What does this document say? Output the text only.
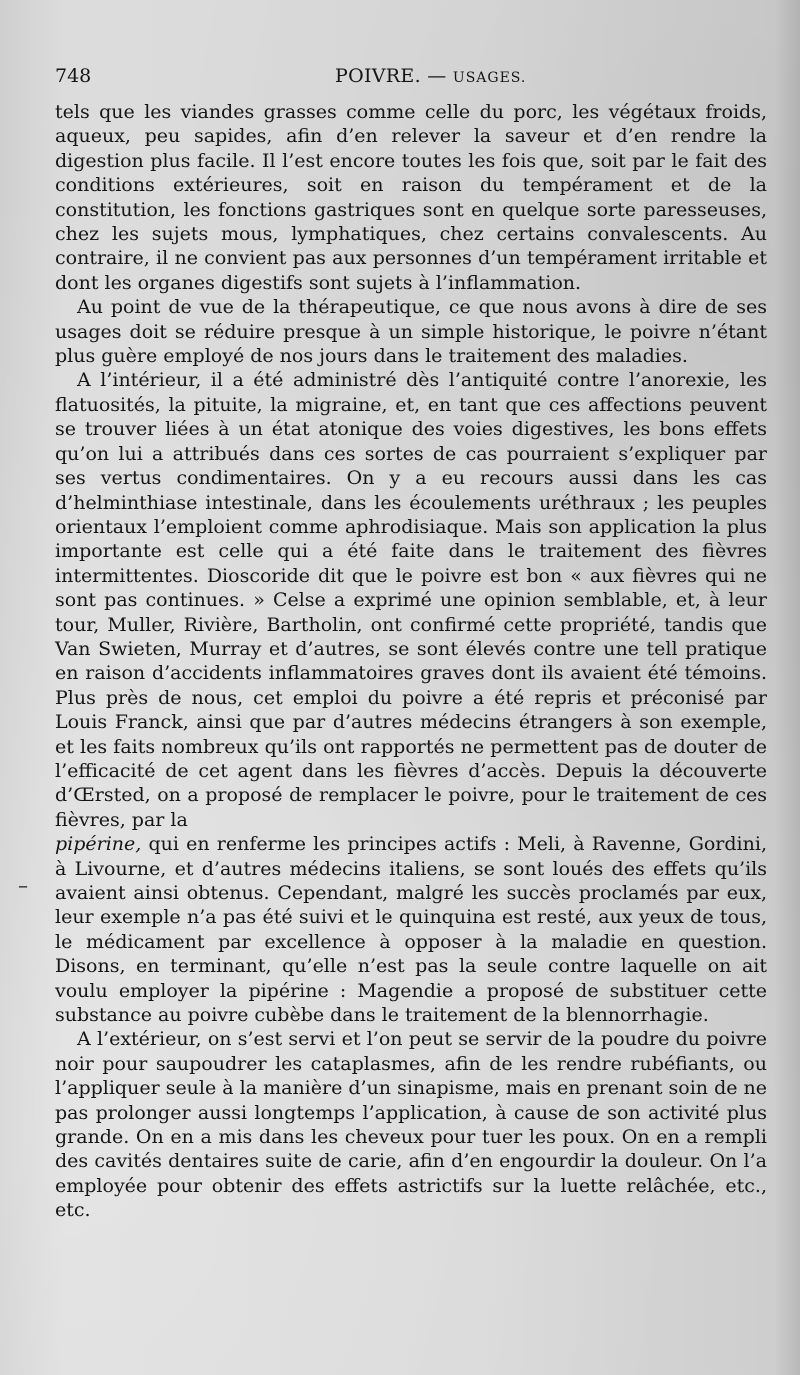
748	POIVRE. — USAGES.
–

tels que les viandes grasses comme celle du porc, les végétaux froids, aqueux, peu sapides, afin d’en relever la saveur et d’en rendre la digestion plus facile. Il l’est encore toutes les fois que, soit par le fait des conditions extérieures, soit en raison du tempérament et de la constitution, les fonctions gastriques sont en quelque sorte paresseuses, chez les sujets mous, lymphatiques, chez certains convalescents. Au contraire, il ne convient pas aux personnes d’un tempérament irritable et dont les organes digestifs sont sujets à l’inflammation.

Au point de vue de la thérapeutique, ce que nous avons à dire de ses usages doit se réduire presque à un simple historique, le poivre n’étant plus guère employé de nos jours dans le traitement des maladies.

A l’intérieur, il a été administré dès l’antiquité contre l’anorexie, les flatuosités, la pituite, la migraine, et, en tant que ces affections peuvent se trouver liées à un état atonique des voies digestives, les bons effets qu’on lui a attribués dans ces sortes de cas pourraient s’expliquer par ses vertus condimentaires. On y a eu recours aussi dans les cas d’helminthiase intestinale, dans les écoulements uréthraux ; les peuples orientaux l’emploient comme aphrodisiaque. Mais son application la plus importante est celle qui a été faite dans le traitement des fièvres intermittentes. Dioscoride dit que le poivre est bon « aux fièvres qui ne sont pas continues. » Celse a exprimé une opinion semblable, et, à leur tour, Muller, Rivière, Bartholin, ont confirmé cette propriété, tandis que Van Swieten, Murray et d’autres, se sont élevés contre une tell pratique en raison d’accidents inflammatoires graves dont ils avaient été témoins. Plus près de nous, cet emploi du poivre a été repris et préconisé par Louis Franck, ainsi que par d’autres médecins étrangers à son exemple, et les faits nombreux qu’ils ont rapportés ne permettent pas de douter de l’efficacité de cet agent dans les fièvres d’accès. Depuis la découverte d’Œrsted, on a proposé de remplacer le poivre, pour le traitement de ces fièvres, par la
pipérine, qui en renferme les principes actifs : Meli, à Ravenne, Gordini, à Livourne, et d’autres médecins italiens, se sont loués des effets qu’ils avaient ainsi obtenus. Cependant, malgré les succès proclamés par eux, leur exemple n’a pas été suivi et le quinquina est resté, aux yeux de tous, le médicament par excellence à opposer à la maladie en question. Disons, en terminant, qu’elle n’est pas la seule contre laquelle on ait voulu employer la pipérine : Magendie a proposé de substituer cette substance au poivre cubèbe dans le traitement de la blennorrhagie.

A l’extérieur, on s’est servi et l’on peut se servir de la poudre du poivre noir pour saupoudrer les cataplasmes, afin de les rendre rubéfiants, ou l’appliquer seule à la manière d’un sinapisme, mais en prenant soin de ne pas prolonger aussi longtemps l’application, à cause de son activité plus grande. On en a mis dans les cheveux pour tuer les poux. On en a rempli des cavités dentaires suite de carie, afin d’en engourdir la douleur. On l’a employée pour obtenir des effets astrictifs sur la luette relâchée, etc., etc.
